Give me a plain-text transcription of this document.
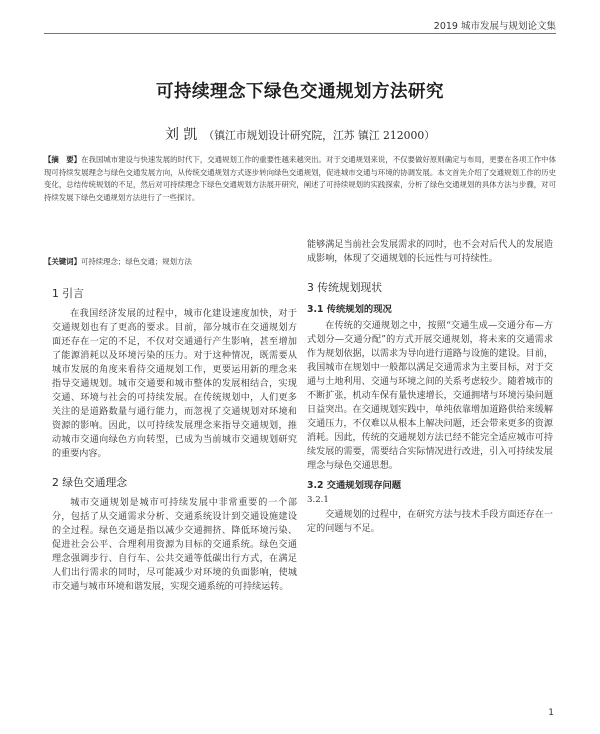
2019 城市发展与规划论文集
可持续理念下绿色交通规划方法研究
刘 凯 （镇江市规划设计研究院，江苏 镇江 212000）
【摘　要】在我国城市建设与快速发展的时代下，交通规划工作的重要性越来越突出。对于交通规划来说，不仅要做好原则确定与布局，更要在各项工作中体现可持续发展理念与绿色交通发展方向，从传统交通规划方式逐步转向绿色交通规划，促进城市交通与环境的协调发展。本文首先介绍了交通规划工作的历史变化，总结传统规划的不足，然后对可持续理念下绿色交通规划方法展开研究，阐述了可持续规划的实践探索，分析了绿色交通规划的具体方法与步骤，对可持续发展下绿色交通规划方法进行了一些探讨。
【关键词】可持续理念；绿色交通；规划方法
1 引言

在我国经济发展的过程中，城市化建设速度加快，对于交通规划也有了更高的要求。目前，部分城市在交通规划方面还存在一定的不足，不仅对交通通行产生影响，甚至增加了能源消耗以及环境污染的压力。对于这种情况，既需要从城市发展的角度来看待交通规划工作，更要运用新的理念来指导交通规划。城市交通要和城市整体的发展相结合，实现交通、环境与社会的可持续发展。在传统规划中，人们更多关注的是道路数量与通行能力，而忽视了交通规划对环境和资源的影响。因此，以可持续发展理念来指导交通规划，推动城市交通向绿色方向转型，已成为当前城市交通规划研究的重要内容。

2 绿色交通理念

城市交通规划是城市可持续发展中非常重要的一个部分，包括了从交通需求分析、交通系统设计到交通设施建设的全过程。绿色交通是指以减少交通拥挤、降低环境污染、促进社会公平、合理利用资源为目标的交通系统。绿色交通理念强调步行、自行车、公共交通等低碳出行方式，在满足人们出行需求的同时，尽可能减少对环境的负面影响，使城市交通与城市环境和谐发展，实现交通系统的可持续运转。

能够满足当前社会发展需求的同时，也不会对后代人的发展造成影响，体现了交通规划的长远性与可持续性。

3 传统规划现状
3.1 传统规划的现况

在传统的交通规划之中，按照“交通生成—交通分布—方式划分—交通分配”的方式开展交通规划，将未来的交通需求作为规划依据，以需求为导向进行道路与设施的建设。目前，我国城市在规划中一般都以满足交通需求为主要目标，对于交通与土地利用、交通与环境之间的关系考虑较少。随着城市的不断扩张，机动车保有量快速增长，交通拥堵与环境污染问题日益突出。在交通规划实践中，单纯依靠增加道路供给来缓解交通压力，不仅难以从根本上解决问题，还会带来更多的资源消耗。因此，传统的交通规划方法已经不能完全适应城市可持续发展的需要，需要结合实际情况进行改进，引入可持续发展理念与绿色交通思想。

3.2 交通规划现存问题
3.2.1

交通规划的过程中，在研究方法与技术手段方面还存在一定的问题与不足。

1
